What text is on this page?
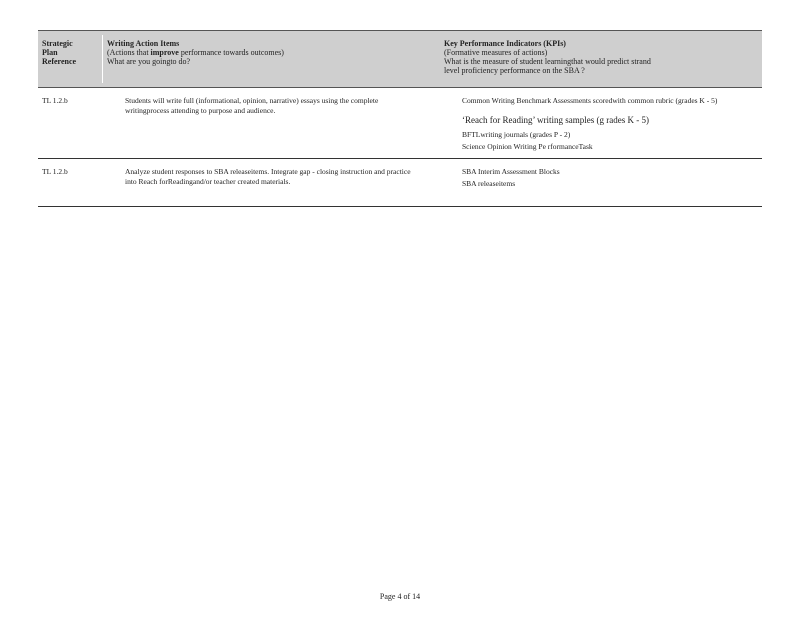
Strategic
Plan
Reference
Writing Action Items
(Actions that improve performance towards outcomes)
What are you goingto do?
Key Performance Indicators (KPIs)
(Formative measures of actions)
What is the measure of student learningthat would predict strand
level proficiency performance on the SBA ?
TL 1.2.b	Students will write full (informational, opinion, narrative) essays using the complete writingprocess attending to purpose and audience.
Common Writing Benchmark Assessments scoredwith common rubric (grades K - 5)
‘Reach for Reading’ writing samples (g rades K - 5)
BFTLwriting journals (grades P - 2)
Science Opinion Writing Pe rformanceTask
TL 1.2.b	Analyze student responses to SBA releaseitems. Integrate gap - closing instruction and practice into Reach forReadingand/or teacher created materials.
SBA Interim Assessment Blocks
SBA releaseitems
Page 4 of 14
